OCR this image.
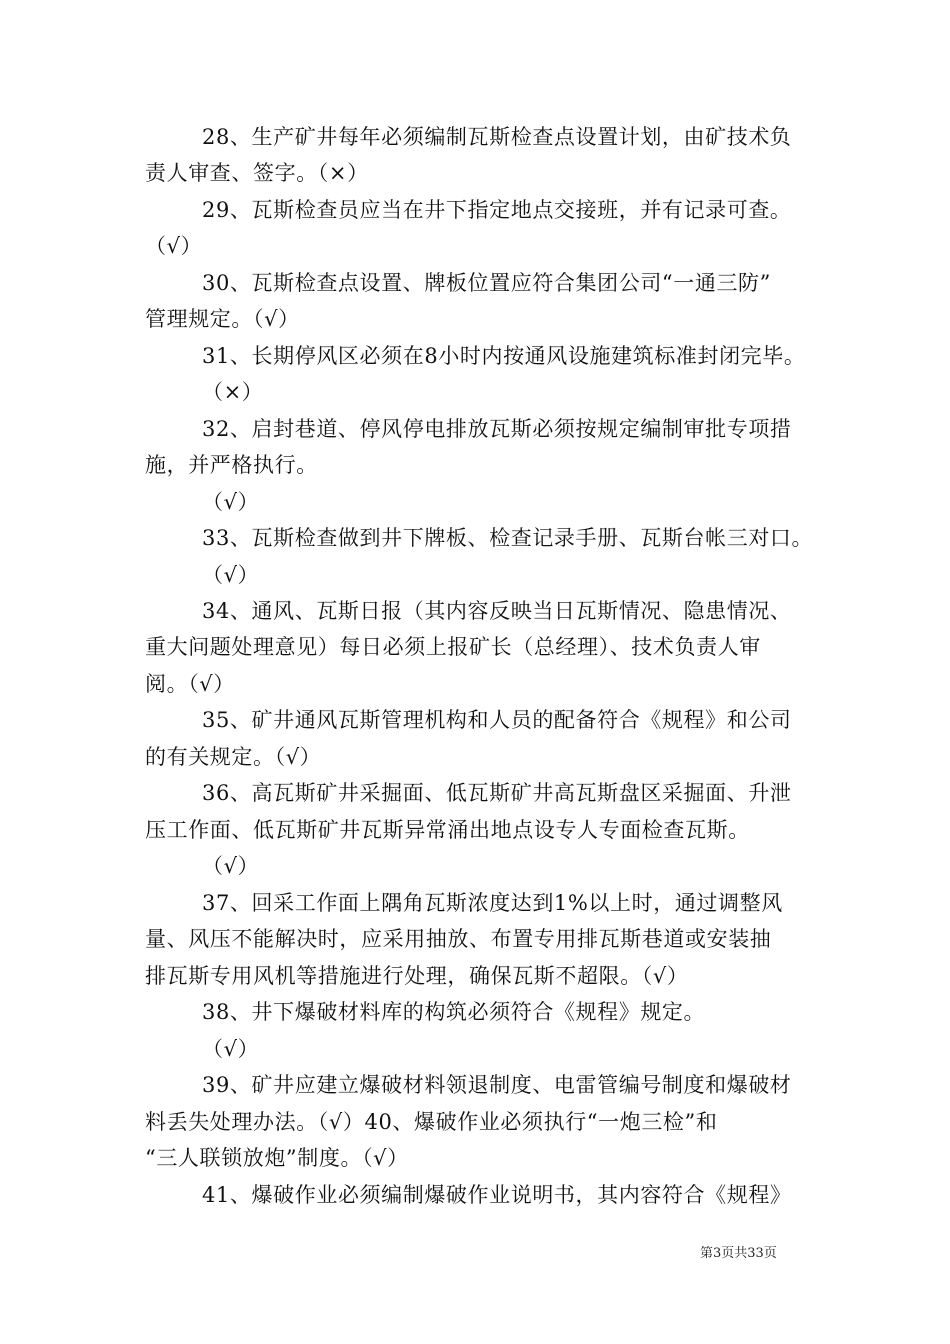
28、生产矿井每年必须编制瓦斯检查点设置计划，由矿技术负
责人审查、签字。（×）
29、瓦斯检查员应当在井下指定地点交接班，并有记录可查。
（√）
30、瓦斯检查点设置、牌板位置应符合集团公司“一通三防”
管理规定。（√）
31、长期停风区必须在8小时内按通风设施建筑标准封闭完毕。
（×）
32、启封巷道、停风停电排放瓦斯必须按规定编制审批专项措
施，并严格执行。
（√）
33、瓦斯检查做到井下牌板、检查记录手册、瓦斯台帐三对口。
（√）
34、通风、瓦斯日报（其内容反映当日瓦斯情况、隐患情况、
重大问题处理意见）每日必须上报矿长（总经理）、技术负责人审
阅。（√）
35、矿井通风瓦斯管理机构和人员的配备符合《规程》和公司
的有关规定。（√）
36、高瓦斯矿井采掘面、低瓦斯矿井高瓦斯盘区采掘面、升泄
压工作面、低瓦斯矿井瓦斯异常涌出地点设专人专面检查瓦斯。
（√）
37、回采工作面上隅角瓦斯浓度达到1%以上时，通过调整风
量、风压不能解决时，应采用抽放、布置专用排瓦斯巷道或安装抽
排瓦斯专用风机等措施进行处理，确保瓦斯不超限。（√）
38、井下爆破材料库的构筑必须符合《规程》规定。
（√）
39、矿井应建立爆破材料领退制度、电雷管编号制度和爆破材
料丢失处理办法。（√）40、爆破作业必须执行“一炮三检”和
“三人联锁放炮”制度。（√）
41、爆破作业必须编制爆破作业说明书，其内容符合《规程》
第3页共33页
